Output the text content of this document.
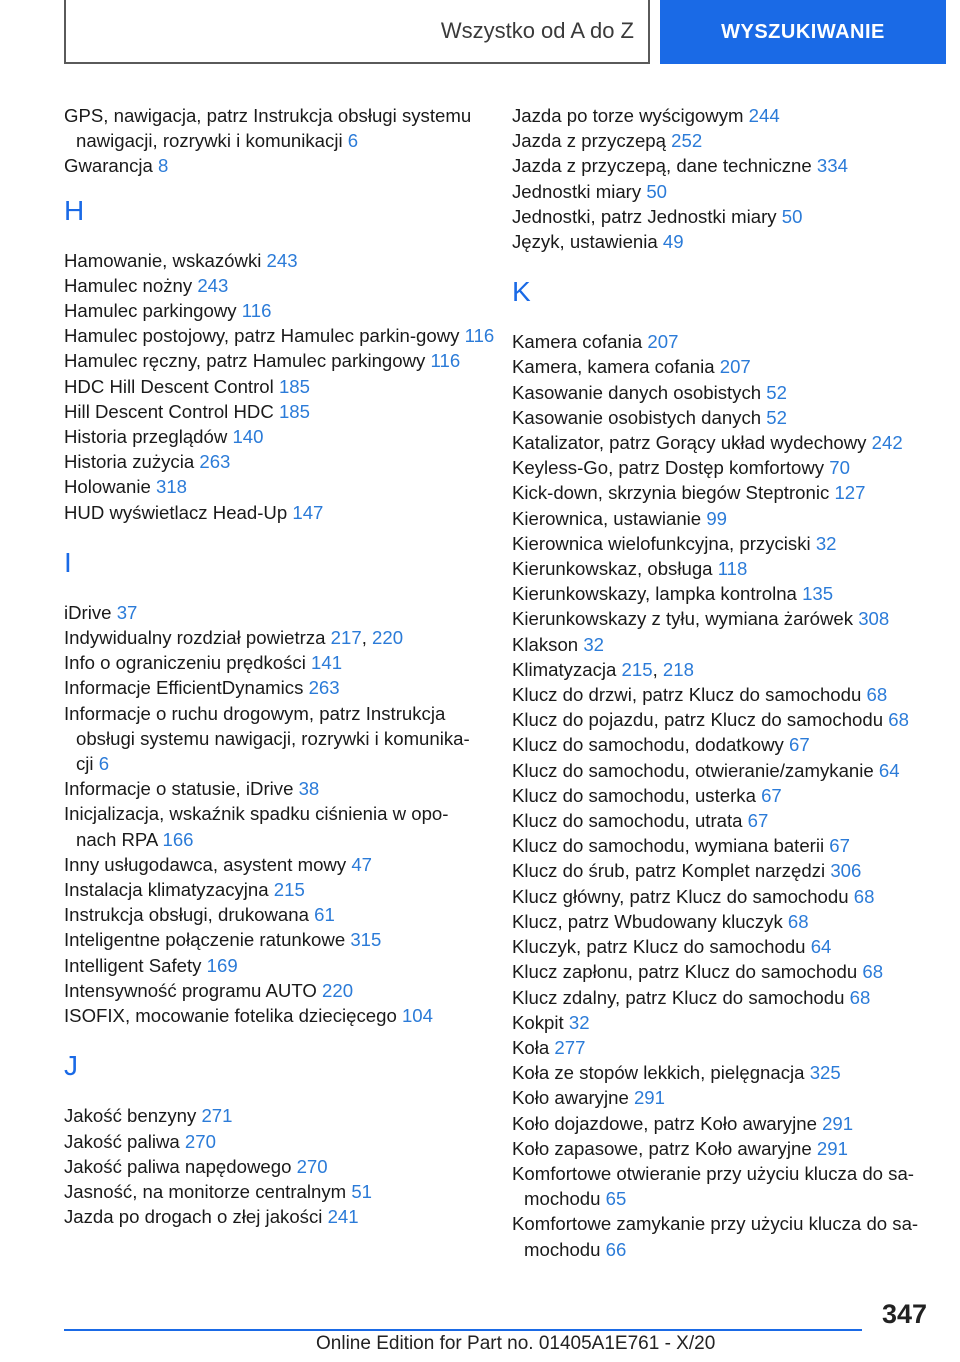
Wszystko od A do Z	WYSZUKIWANIE
GPS, nawigacja, patrz Instrukcja obsługi systemu nawigacji, rozrywki i komunikacji 6
Gwarancja 8
H
Hamowanie, wskazówki 243
Hamulec nożny 243
Hamulec parkingowy 116
Hamulec postojowy, patrz Hamulec parkin‐gowy 116
Hamulec ręczny, patrz Hamulec parkingowy 116
HDC Hill Descent Control 185
Hill Descent Control HDC 185
Historia przeglądów 140
Historia zużycia 263
Holowanie 318
HUD wyświetlacz Head-Up 147
I
iDrive 37
Indywidualny rozdział powietrza 217, 220
Info o ograniczeniu prędkości 141
Informacje EfficientDynamics 263
Informacje o ruchu drogowym, patrz Instrukcja obsługi systemu nawigacji, rozrywki i komunika‐cji 6
Informacje o statusie, iDrive 38
Inicjalizacja, wskaźnik spadku ciśnienia w opo‐nach RPA 166
Inny usługodawca, asystent mowy 47
Instalacja klimatyzacyjna 215
Instrukcja obsługi, drukowana 61
Inteligentne połączenie ratunkowe 315
Intelligent Safety 169
Intensywność programu AUTO 220
ISOFIX, mocowanie fotelika dziecięcego 104
J
Jakość benzyny 271
Jakość paliwa 270
Jakość paliwa napędowego 270
Jasność, na monitorze centralnym 51
Jazda po drogach o złej jakości 241
Jazda po torze wyścigowym 244
Jazda z przyczepą 252
Jazda z przyczepą, dane techniczne 334
Jednostki miary 50
Jednostki, patrz Jednostki miary 50
Język, ustawienia 49
K
Kamera cofania 207
Kamera, kamera cofania 207
Kasowanie danych osobistych 52
Kasowanie osobistych danych 52
Katalizator, patrz Gorący układ wydechowy 242
Keyless-Go, patrz Dostęp komfortowy 70
Kick-down, skrzynia biegów Steptronic 127
Kierownica, ustawianie 99
Kierownica wielofunkcyjna, przyciski 32
Kierunkowskaz, obsługa 118
Kierunkowskazy, lampka kontrolna 135
Kierunkowskazy z tyłu, wymiana żarówek 308
Klakson 32
Klimatyzacja 215, 218
Klucz do drzwi, patrz Klucz do samochodu 68
Klucz do pojazdu, patrz Klucz do samochodu 68
Klucz do samochodu, dodatkowy 67
Klucz do samochodu, otwieranie/zamykanie 64
Klucz do samochodu, usterka 67
Klucz do samochodu, utrata 67
Klucz do samochodu, wymiana baterii 67
Klucz do śrub, patrz Komplet narzędzi 306
Klucz główny, patrz Klucz do samochodu 68
Klucz, patrz Wbudowany kluczyk 68
Kluczyk, patrz Klucz do samochodu 64
Klucz zapłonu, patrz Klucz do samochodu 68
Klucz zdalny, patrz Klucz do samochodu 68
Kokpit 32
Koła 277
Koła ze stopów lekkich, pielęgnacja 325
Koło awaryjne 291
Koło dojazdowe, patrz Koło awaryjne 291
Koło zapasowe, patrz Koło awaryjne 291
Komfortowe otwieranie przy użyciu klucza do sa‐mochodu 65
Komfortowe zamykanie przy użyciu klucza do sa‐mochodu 66
347
Online Edition for Part no. 01405A1E761 - X/20
